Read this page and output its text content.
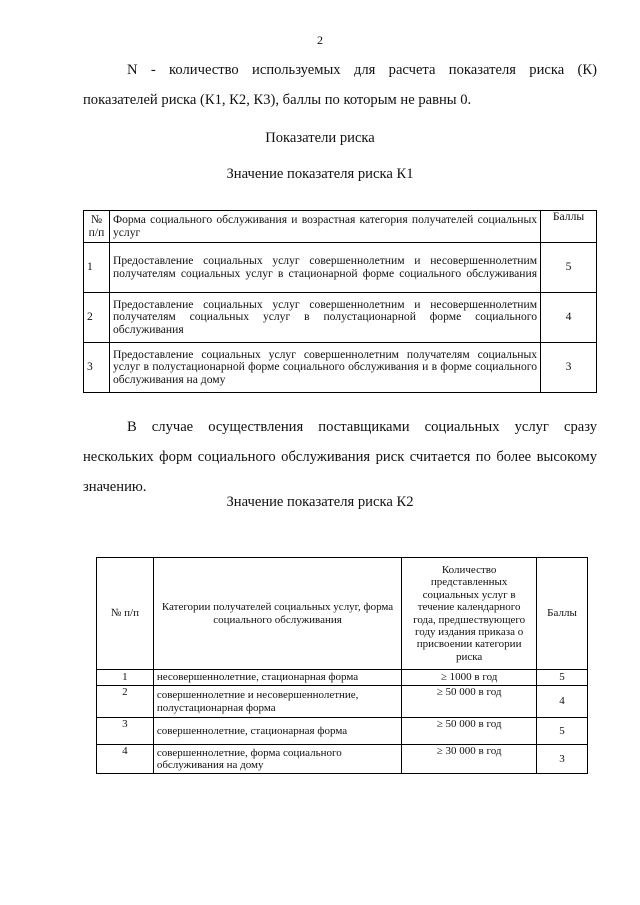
2

N - количество используемых для расчета показателя риска (К) показателей риска (К1, К2, К3), баллы по которым не равны 0.

Показатели риска
Значение показателя риска К1
№ п/п	Форма социального обслуживания и возрастная категория получателей социальных услуг	Баллы
1	Предоставление социальных услуг совершеннолетним и несовершеннолетним получателям социальных услуг в стационарной форме социального обслуживания	5
2	Предоставление социальных услуг совершеннолетним и несовершеннолетним получателям социальных услуг в полустационарной форме социального обслуживания	4
3	Предоставление социальных услуг совершеннолетним получателям социальных услуг в полустационарной форме социального обслуживания и в форме социального обслуживания на дому	3

В случае осуществления поставщиками социальных услуг сразу нескольких форм социального обслуживания риск считается по более высокому значению.

Значение показателя риска К2
№ п/п	Категории получателей социальных услуг, форма социального обслуживания	Количество представленных социальных услуг в течение календарного года, предшествующего году издания приказа о присвоении категории риска	Баллы
1	несовершеннолетние, стационарная форма	≥ 1000 в год	5
2	совершеннолетние и несовершеннолетние, полустационарная форма	≥ 50 000 в год	4
3	совершеннолетние, стационарная форма	≥ 50 000 в год	5
4	совершеннолетние, форма социального обслуживания на дому	≥ 30 000 в год	3
